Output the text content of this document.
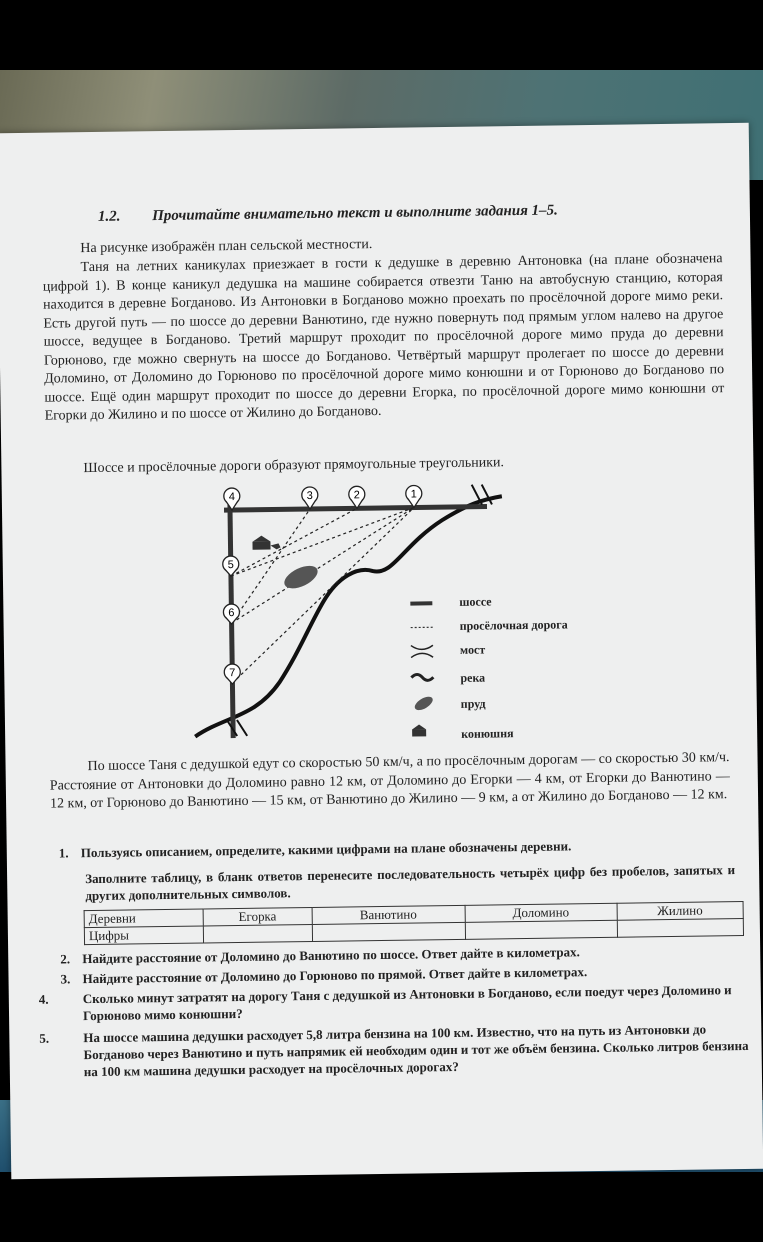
1.2. Прочитайте внимательно текст и выполните задания 1–5.
На рисунке изображён план сельской местности.
Таня на летних каникулах приезжает в гости к дедушке в деревню Антоновка (на плане обозначена цифрой 1). В конце каникул дедушка на машине собирается отвезти Таню на автобусную станцию, которая находится в деревне Богданово. Из Антоновки в Богданово можно проехать по просёлочной дороге мимо реки. Есть другой путь — по шоссе до деревни Ванютино, где нужно повернуть под прямым углом налево на другое шоссе, ведущее в Богданово. Третий маршрут проходит по просёлочной дороге мимо пруда до деревни Горюново, где можно свернуть на шоссе до Богданово. Четвёртый маршрут пролегает по шоссе до деревни Доломино, от Доломино до Горюново по просёлочной дороге мимо конюшни и от Горюново до Богданово по шоссе. Ещё один маршрут проходит по шоссе до деревни Егорка, по просёлочной дороге мимо конюшни от Егорки до Жилино и по шоссе от Жилино до Богданово.
Шоссе и просёлочные дороги образуют прямоугольные треугольники.
1
2
3
4
5
6
7
шоссе
просёлочная дорога
мост
река
пруд
конюшня
По шоссе Таня с дедушкой едут со скоростью 50 км/ч, а по просёлочным дорогам — со скоростью 30 км/ч. Расстояние от Антоновки до Доломино равно 12 км, от Доломино до Егорки — 4 км, от Егорки до Ванютино — 12 км, от Горюново до Ванютино — 15 км, от Ванютино до Жилино — 9 км, а от Жилино до Богданово — 12 км.
1. Пользуясь описанием, определите, какими цифрами на плане обозначены деревни.
Заполните таблицу, в бланк ответов перенесите последовательность четырёх цифр без пробелов, запятых и других дополнительных символов.
Деревни	Егорка	Ванютино	Доломино	Жилино
Цифры				
2. Найдите расстояние от Доломино до Ванютино по шоссе. Ответ дайте в километрах.
3. Найдите расстояние от Доломино до Горюново по прямой. Ответ дайте в километрах.
4.	Сколько минут затратят на дорогу Таня с дедушкой из Антоновки в Богданово, если поедут через Доломино и Горюново мимо конюшни?
5.	На шоссе машина дедушки расходует 5,8 литра бензина на 100 км. Известно, что на путь из Антоновки до Богданово через Ванютино и путь напрямик ей необходим один и тот же объём бензина. Сколько литров бензина на 100 км машина дедушки расходует на просёлочных дорогах?
